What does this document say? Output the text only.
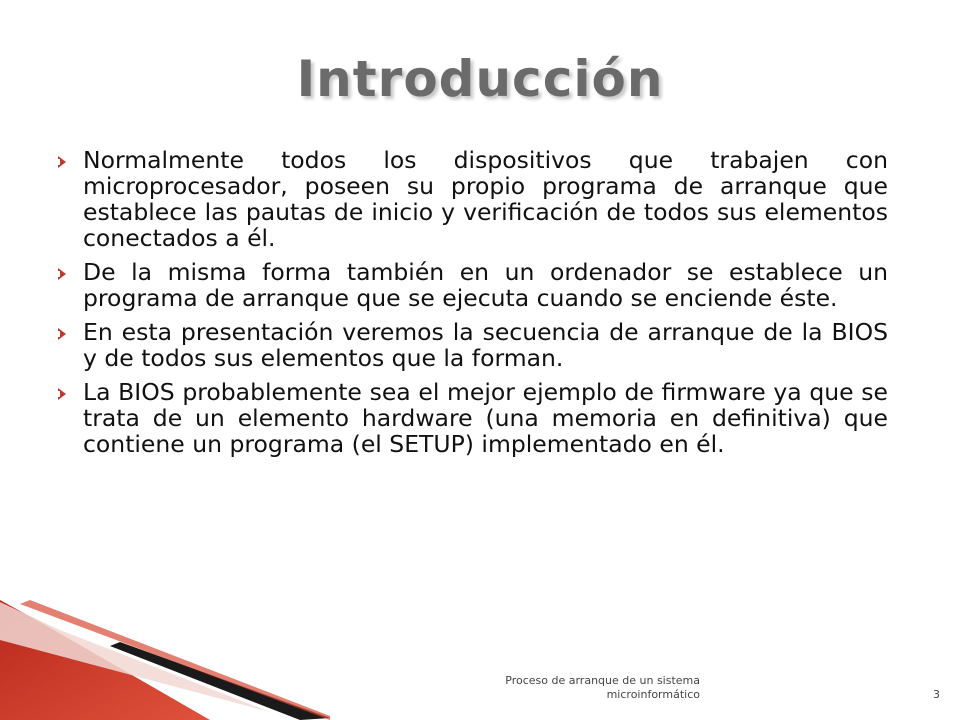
Introducción
Normalmente todos los dispositivos que trabajen con microprocesador, poseen su propio programa de arranque que establece las pautas de inicio y verificación de todos sus elementos conectados a él.
De la misma forma también en un ordenador se establece un programa de arranque que se ejecuta cuando se enciende éste.
En esta presentación veremos la secuencia de arranque de la BIOS y de todos sus elementos que la forman.
La BIOS probablemente sea el mejor ejemplo de firmware ya que se trata de un elemento hardware (una memoria en definitiva) que contiene un programa (el SETUP) implementado en él.
Proceso de arranque de un sistema
microinformático	3
